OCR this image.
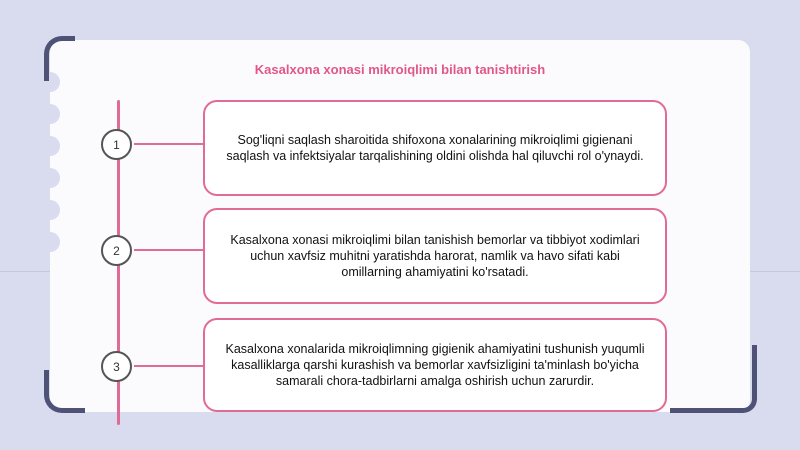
Kasalxona xonasi mikroiqlimi bilan tanishtirish
1	Sog'liqni saqlash sharoitida shifoxona xonalarining mikroiqlimi gigienani saqlash va infektsiyalar tarqalishining oldini olishda hal qiluvchi rol o'ynaydi.
2
Kasalxona xonasi mikroiqlimi bilan tanishish bemorlar va tibbiyot xodimlari uchun xavfsiz muhitni yaratishda harorat, namlik va havo sifati kabi omillarning ahamiyatini ko'rsatadi.
3
Kasalxona xonalarida mikroiqlimning gigienik ahamiyatini tushunish yuqumli kasalliklarga qarshi kurashish va bemorlar xavfsizligini ta'minlash bo'yicha samarali chora-tadbirlarni amalga oshirish uchun zarurdir.
